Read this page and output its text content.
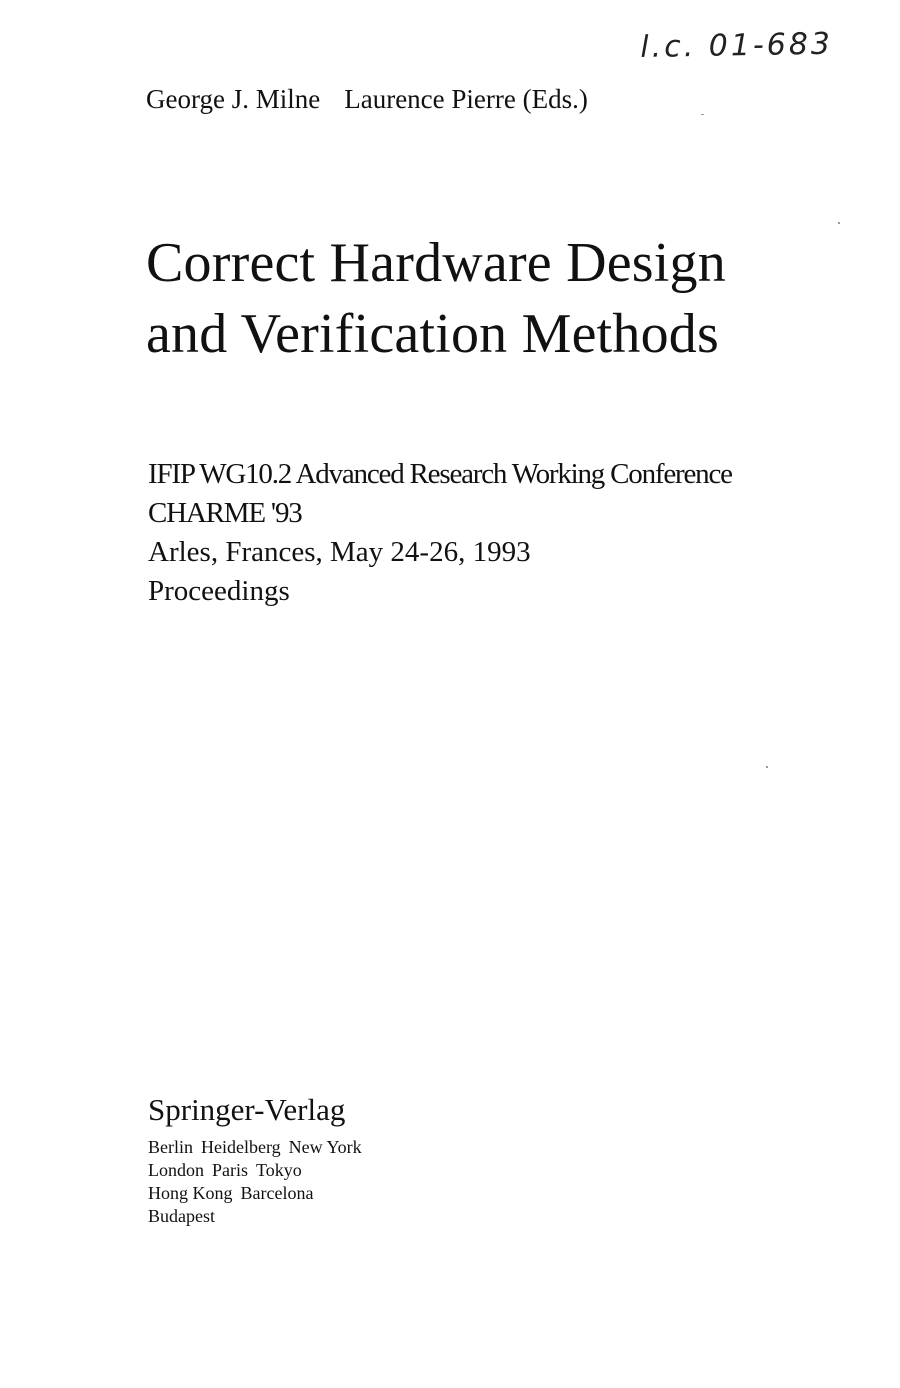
l.c. 01-683
George J. Milne Laurence Pierre (Eds.)
Correct Hardware Design
and Verification Methods
IFIP WG10.2 Advanced Research Working Conference
CHARME '93
Arles, Frances, May 24-26, 1993
Proceedings
Springer-Verlag
Berlin Heidelberg New York
London Paris Tokyo
Hong Kong Barcelona
Budapest
